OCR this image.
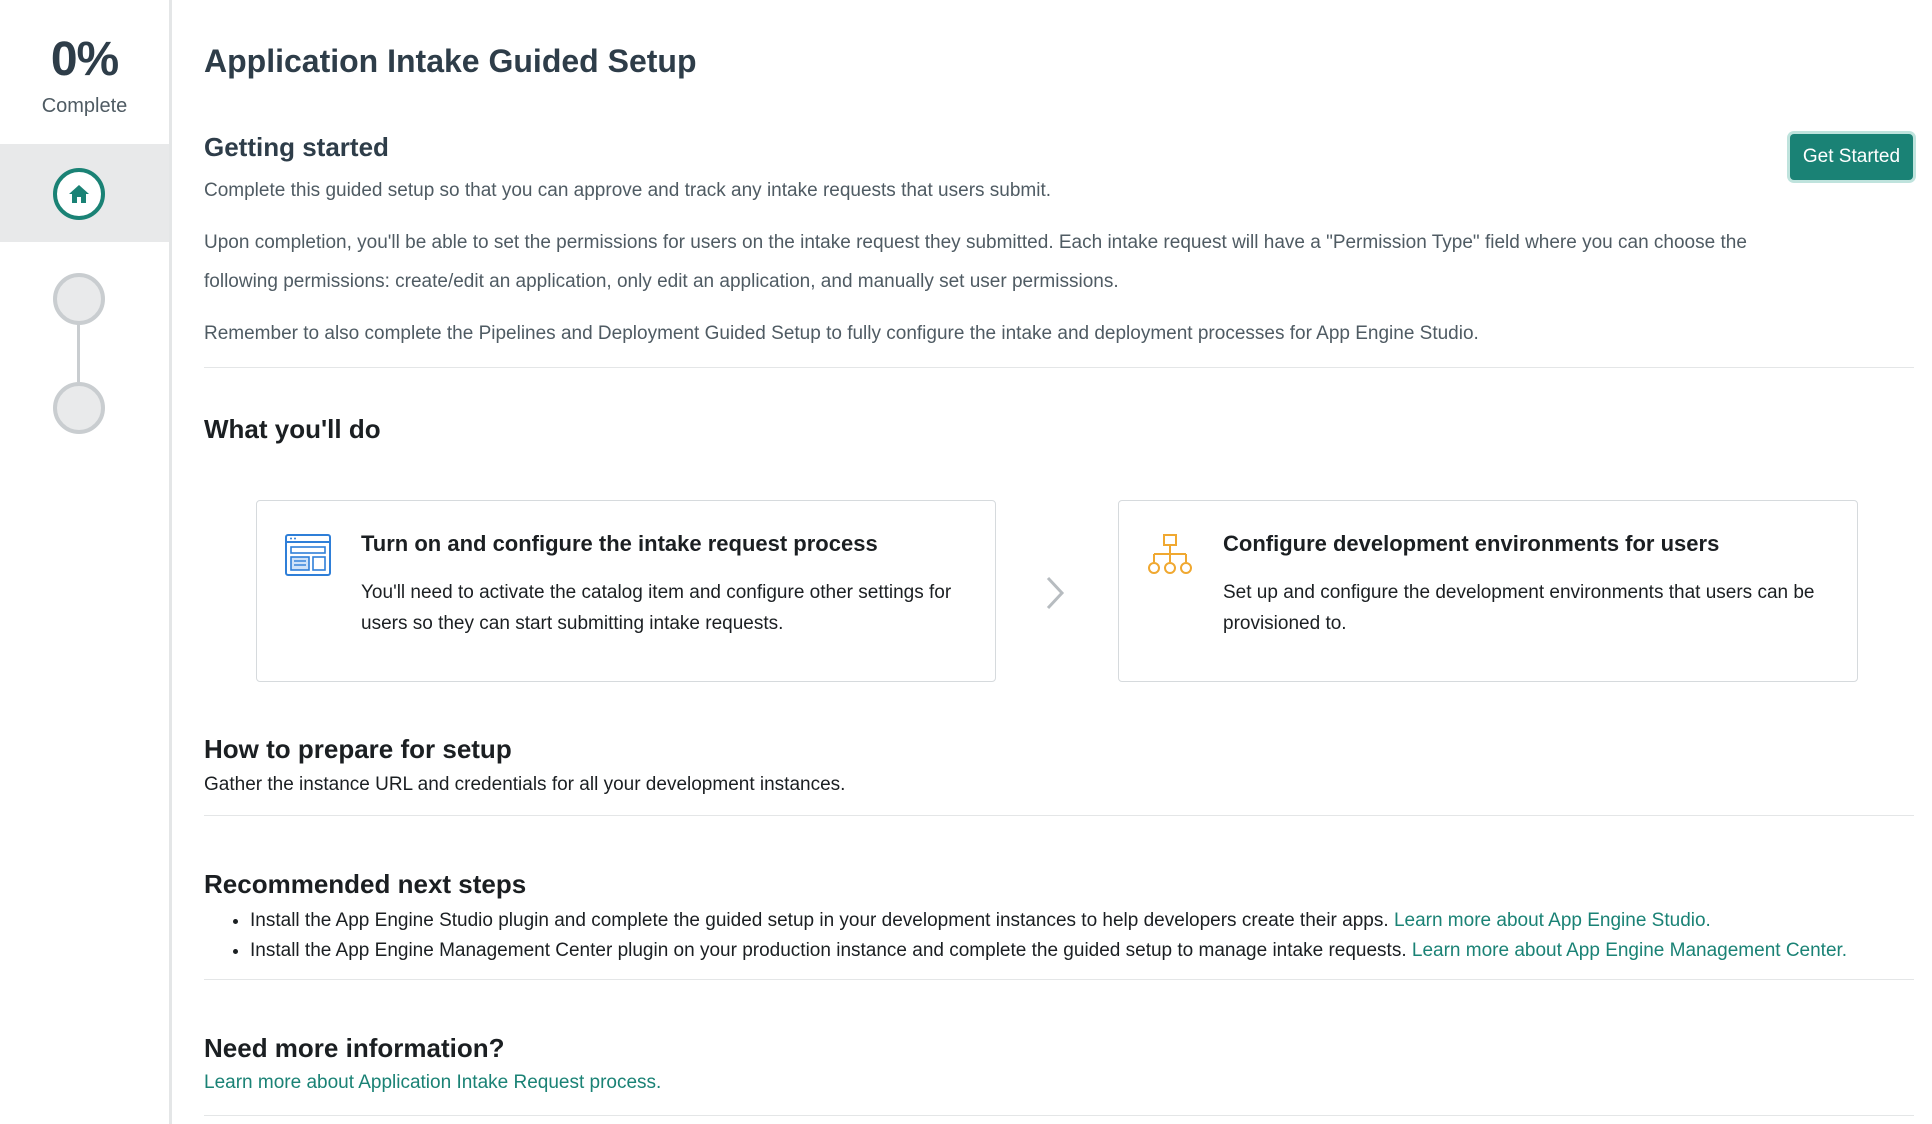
0%
Complete
Application Intake Guided Setup
Getting started	Get Started
Complete this guided setup so that you can approve and track any intake requests that users submit.
Upon completion, you'll be able to set the permissions for users on the intake request they submitted. Each intake request will have a "Permission Type" field where you can choose the following permissions: create/edit an application, only edit an application, and manually set user permissions.
Remember to also complete the Pipelines and Deployment Guided Setup to fully configure the intake and deployment processes for App Engine Studio.
What you'll do
Turn on and configure the intake request process
You'll need to activate the catalog item and configure other settings for users so they can start submitting intake requests.
Configure development environments for users
Set up and configure the development environments that users can be provisioned to.
How to prepare for setup
Gather the instance URL and credentials for all your development instances.
Recommended next steps
• Install the App Engine Studio plugin and complete the guided setup in your development instances to help developers create their apps. Learn more about App Engine Studio.
• Install the App Engine Management Center plugin on your production instance and complete the guided setup to manage intake requests. Learn more about App Engine Management Center.
Need more information?
Learn more about Application Intake Request process.
